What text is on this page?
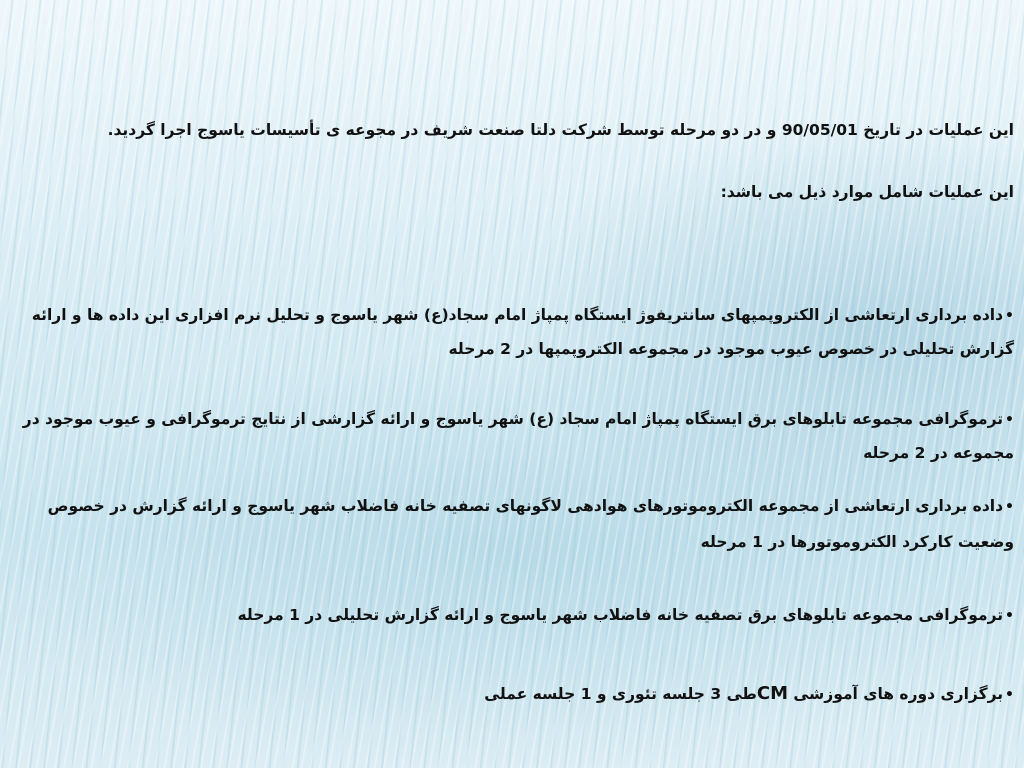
این عملیات در تاریخ 90/05/01 و در دو مرحله توسط شرکت دلتا صنعت شریف در مجوعه ی تأسیسات یاسوج اجرا گردید.
این عملیات شامل موارد ذیل می باشد:
•داده برداری ارتعاشی از الکتروپمپهای سانتریفوژ ایستگاه پمپاژ امام سجاد(ع) شهر یاسوج و تحلیل نرم افزاری این داده ها و ارائه گزارش تحلیلی در خصوص عیوب موجود در مجموعه الکتروپمپها در 2 مرحله
•ترموگرافی مجموعه تابلوهای برق ایستگاه پمپاژ امام سجاد (ع) شهر یاسوج و ارائه گزارشی از نتایج ترموگرافی و عیوب موجود در مجموعه در 2 مرحله
•داده برداری ارتعاشی از مجموعه الکتروموتورهای هوادهی لاگونهای تصفیه خانه فاضلاب شهر یاسوج و ارائه گزارش در خصوص وضعیت کارکرد الکتروموتورها در 1 مرحله
•ترموگرافی مجموعه تابلوهای برق تصفیه خانه فاضلاب شهر یاسوج و ارائه گزارش تحلیلی در 1 مرحله
•برگزاری دوره های آموزشی CMطی 3 جلسه تئوری و 1 جلسه عملی
